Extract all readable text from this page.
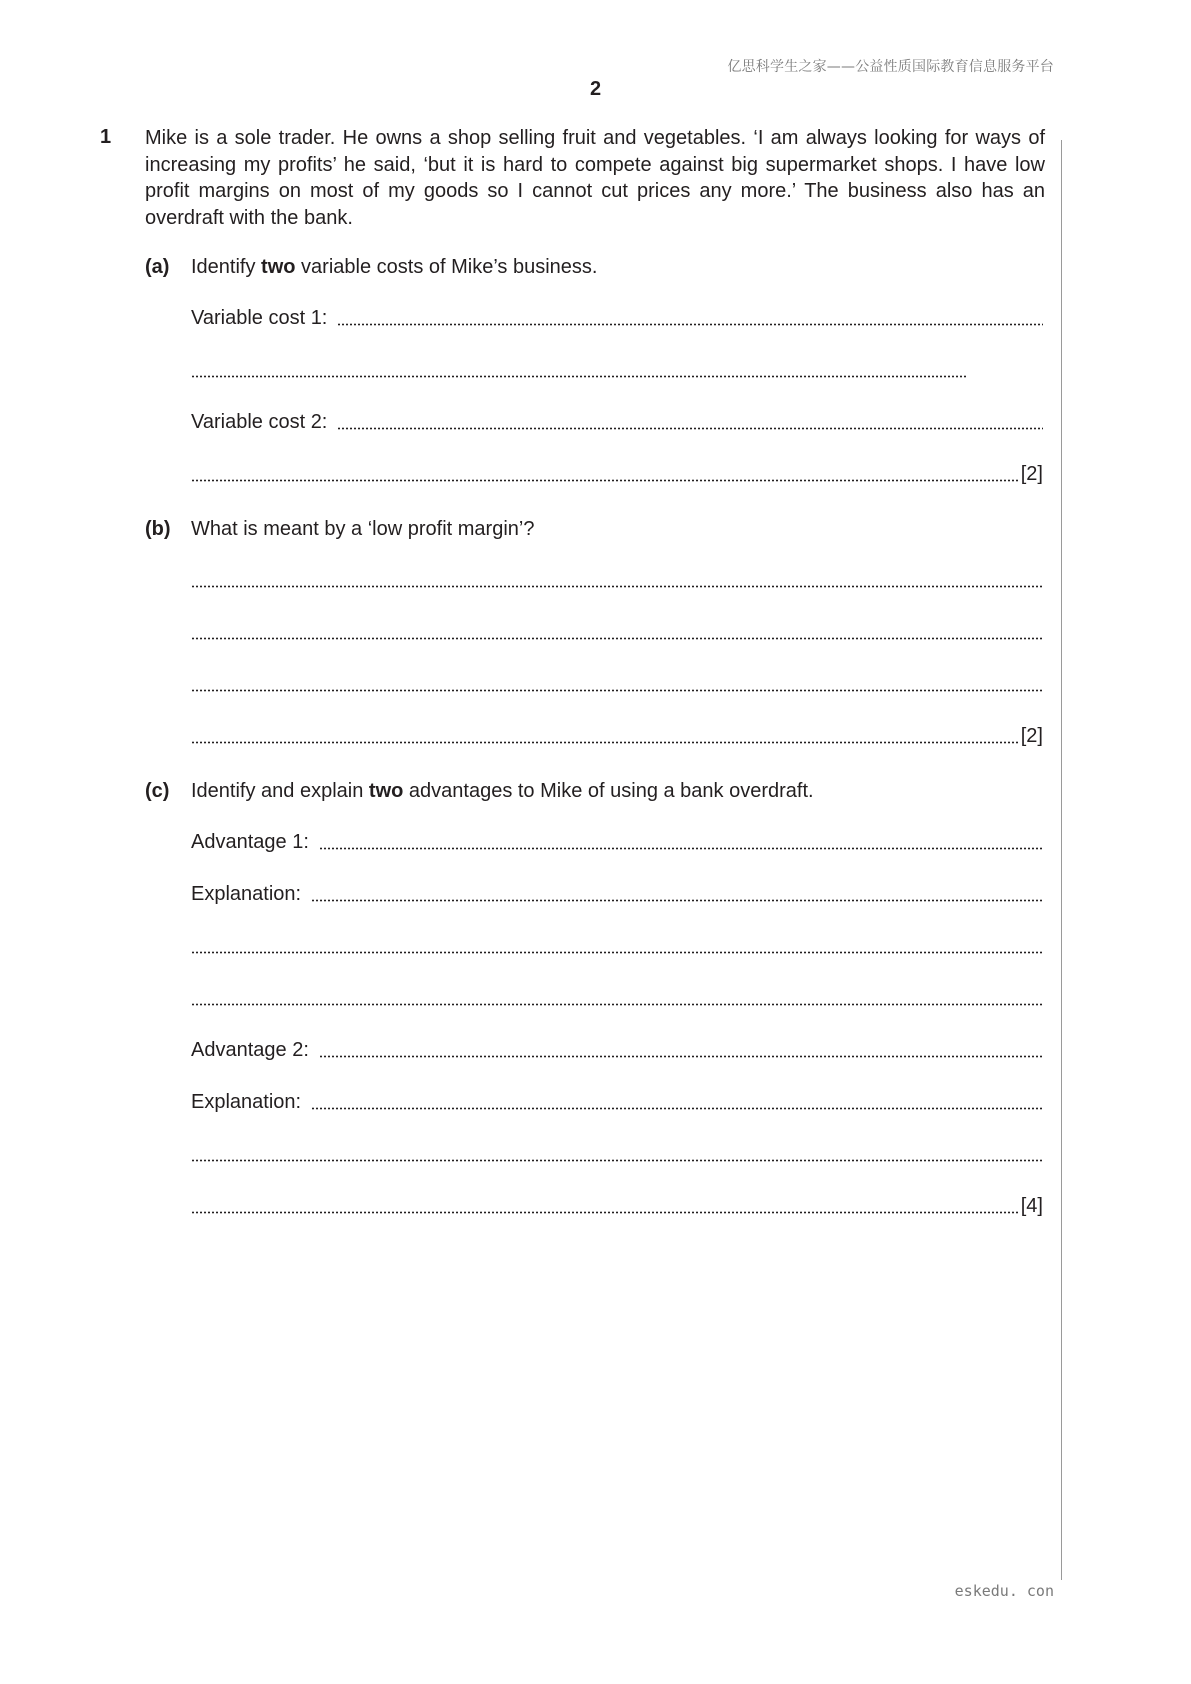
亿思科学生之家——公益性质国际教育信息服务平台
2
1 Mike is a sole trader. He owns a shop selling fruit and vegetables. ‘I am always looking for ways of increasing my profits’ he said, ‘but it is hard to compete against big supermarket shops. I have low profit margins on most of my goods so I cannot cut prices any more.’ The business also has an overdraft with the bank.
(a) Identify two variable costs of Mike’s business.
Variable cost 1:
Variable cost 2:
[2]
(b) What is meant by a ‘low profit margin’?
[2]
(c) Identify and explain two advantages to Mike of using a bank overdraft.
Advantage 1:
Explanation:
Advantage 2:
Explanation:
[4]
eskedu. con
